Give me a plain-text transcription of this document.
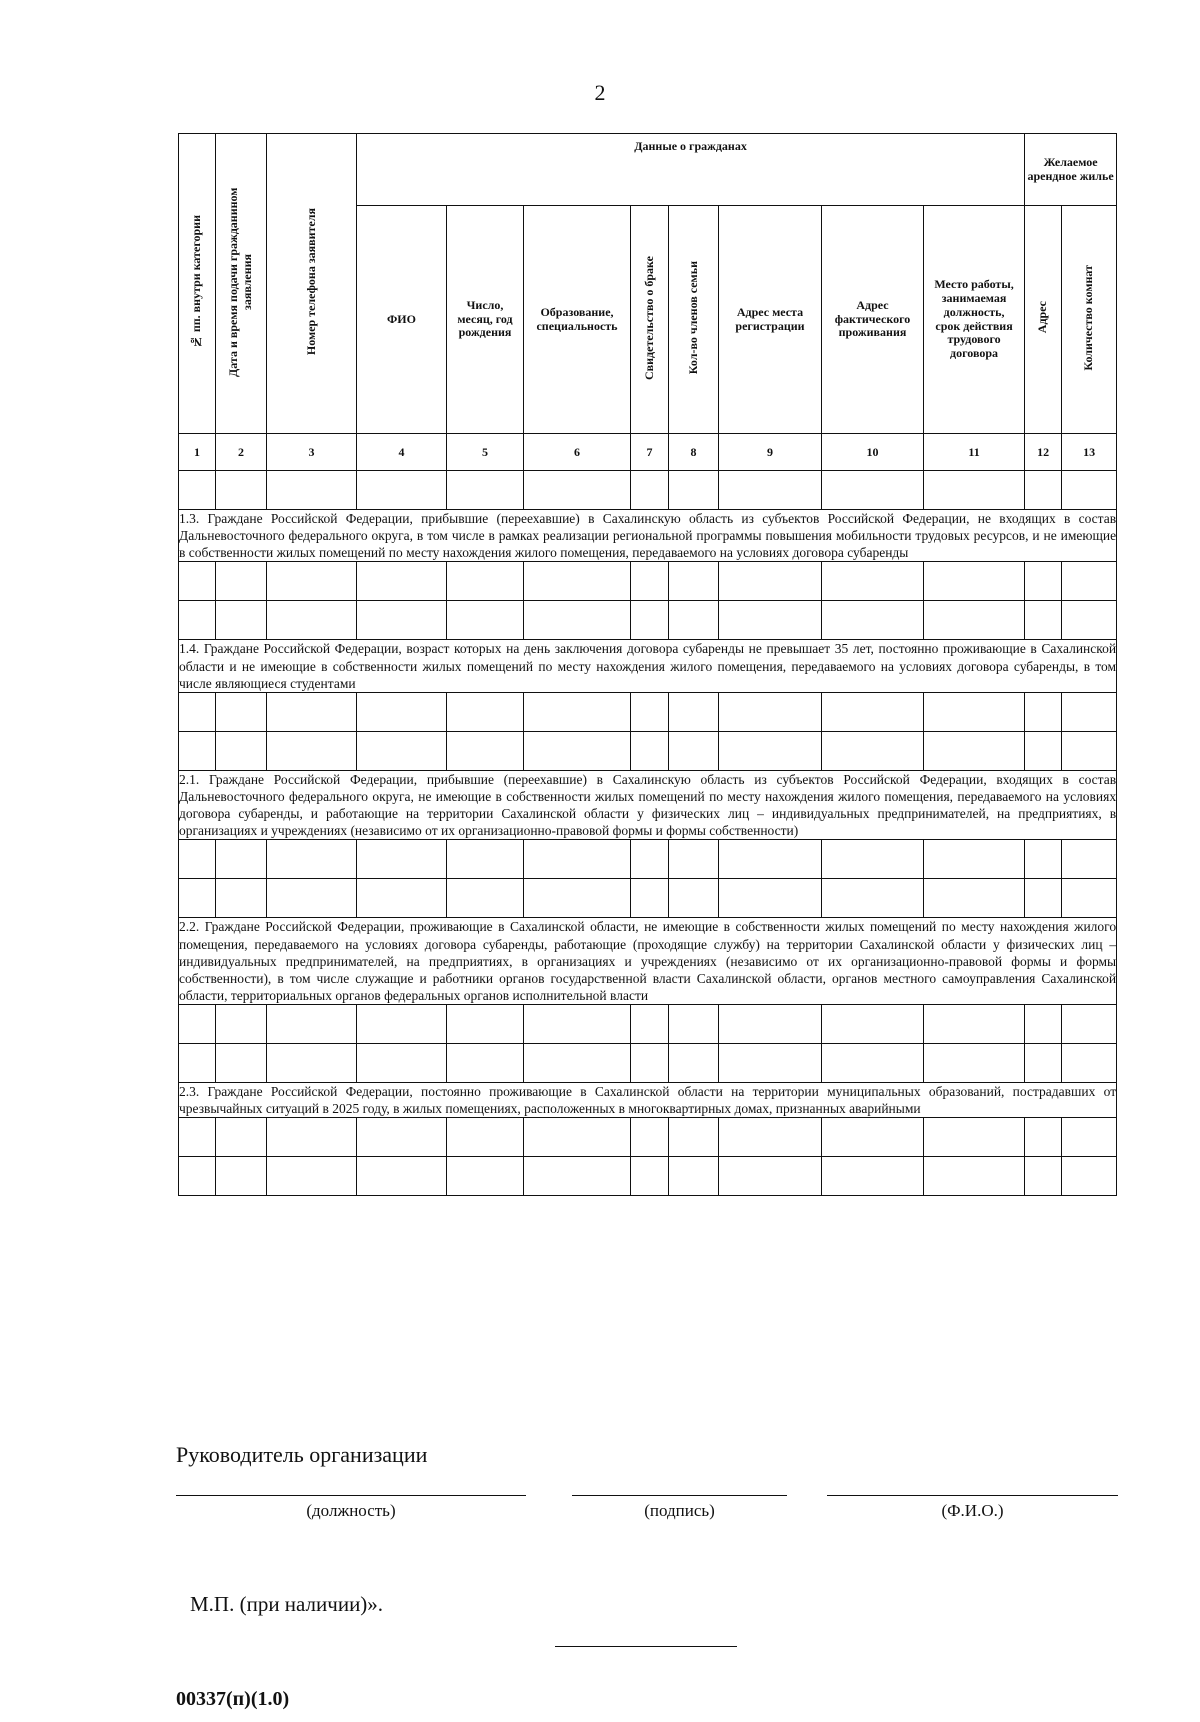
2
№ пп. внутри категории	Дата и время подачи гражданином заявления	Номер телефона заявителя	Данные о гражданах								Желаемое арендное жилье	
			ФИО	Число, месяц, год рождения	Образование, специальность	Свидетельство о браке	Кол-во членов семьи	Адрес места регистрации	Адрес фактического проживания	Место работы, занимаемая должность, срок действия трудового договора	Адрес	Количество комнат
1	2	3	4	5	6	7	8	9	10	11	12	13

1.3. Граждане Российской Федерации, прибывшие (переехавшие) в Сахалинскую область из субъектов Российской Федерации, не входящих в состав Дальневосточного федерального округа, в том числе в рамках реализации региональной программы повышения мобильности трудовых ресурсов, и не имеющие в собственности жилых помещений по месту нахождения жилого помещения, передаваемого на условиях договора субаренды												

1.4. Граждане Российской Федерации, возраст которых на день заключения договора субаренды не превышает 35 лет, постоянно проживающие в Сахалинской области и не имеющие в собственности жилых помещений по месту нахождения жилого помещения, передаваемого на условиях договора субаренды, в том числе являющиеся студентами												

2.1. Граждане Российской Федерации, прибывшие (переехавшие) в Сахалинскую область из субъектов Российской Федерации, входящих в состав Дальневосточного федерального округа, не имеющие в собственности жилых помещений по месту нахождения жилого помещения, передаваемого на условиях договора субаренды, и работающие на территории Сахалинской области у физических лиц – индивидуальных предпринимателей, на предприятиях, в организациях и учреждениях (независимо от их организационно-правовой формы и формы собственности)												

2.2. Граждане Российской Федерации, проживающие в Сахалинской области, не имеющие в собственности жилых помещений по месту нахождения жилого помещения, передаваемого на условиях договора субаренды, работающие (проходящие службу) на территории Сахалинской области у физических лиц – индивидуальных предпринимателей, на предприятиях, в организациях и учреждениях (независимо от их организационно-правовой формы и формы собственности), в том числе служащие и работники органов государственной власти Сахалинской области, органов местного самоуправления Сахалинской области, территориальных органов федеральных органов исполнительной власти												

2.3. Граждане Российской Федерации, постоянно проживающие в Сахалинской области на территории муниципальных образований, пострадавших от чрезвычайных ситуаций в 2025 году, в жилых помещениях, расположенных в многоквартирных домах, признанных аварийными												

Руководитель организации
(должность)	(подпись)	(Ф.И.О.)
М.П. (при наличии)».
00337(п)(1.0)
